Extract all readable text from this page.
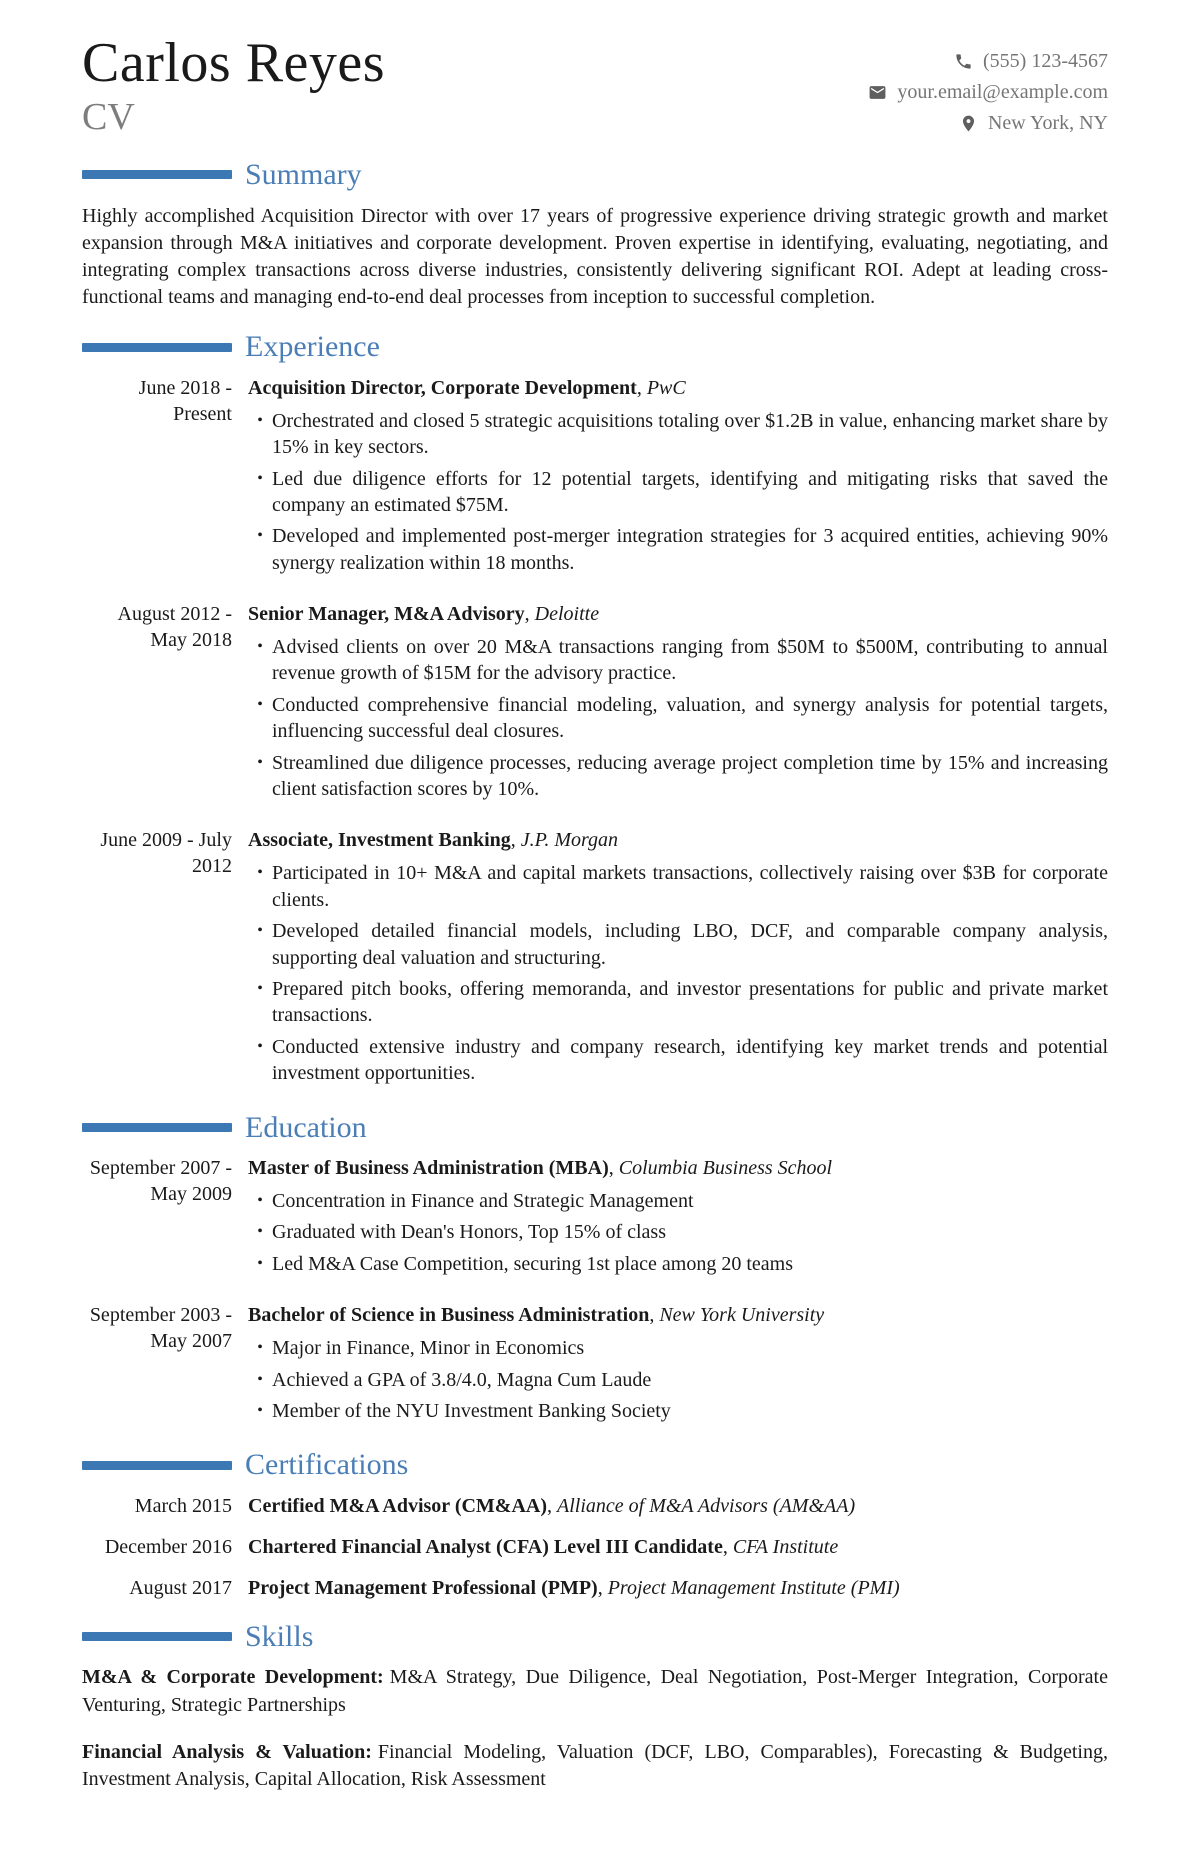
Carlos Reyes
CV
(555) 123-4567
your.email@example.com
New York, NY
Summary

Highly accomplished Acquisition Director with over 17 years of progressive experience driving strategic growth and market expansion through M&A initiatives and corporate development. Proven expertise in identifying, evaluating, negotiating, and integrating complex transactions across diverse industries, consistently delivering significant ROI. Adept at leading cross-functional teams and managing end-to-end deal processes from inception to successful completion.

Experience
June 2018 - Present
Acquisition Director, Corporate Development, PwC
• Orchestrated and closed 5 strategic acquisitions totaling over $1.2B in value, enhancing market share by 15% in key sectors.
• Led due diligence efforts for 12 potential targets, identifying and mitigating risks that saved the company an estimated $75M.
• Developed and implemented post-merger integration strategies for 3 acquired entities, achieving 90% synergy realization within 18 months.
August 2012 - May 2018
Senior Manager, M&A Advisory, Deloitte
• Advised clients on over 20 M&A transactions ranging from $50M to $500M, contributing to annual revenue growth of $15M for the advisory practice.
• Conducted comprehensive financial modeling, valuation, and synergy analysis for potential targets, influencing successful deal closures.
• Streamlined due diligence processes, reducing average project completion time by 15% and increasing client satisfaction scores by 10%.
June 2009 - July 2012
Associate, Investment Banking, J.P. Morgan
• Participated in 10+ M&A and capital markets transactions, collectively raising over $3B for corporate clients.
• Developed detailed financial models, including LBO, DCF, and comparable company analysis, supporting deal valuation and structuring.
• Prepared pitch books, offering memoranda, and investor presentations for public and private market transactions.
• Conducted extensive industry and company research, identifying key market trends and potential investment opportunities.
Education
September 2007 - May 2009
Master of Business Administration (MBA), Columbia Business School
• Concentration in Finance and Strategic Management
• Graduated with Dean's Honors, Top 15% of class
• Led M&A Case Competition, securing 1st place among 20 teams
September 2003 - May 2007
Bachelor of Science in Business Administration, New York University
• Major in Finance, Minor in Economics
• Achieved a GPA of 3.8/4.0, Magna Cum Laude
• Member of the NYU Investment Banking Society
Certifications
March 2015 Certified M&A Advisor (CM&AA), Alliance of M&A Advisors (AM&AA)
December 2016 Chartered Financial Analyst (CFA) Level III Candidate, CFA Institute
August 2017 Project Management Professional (PMP), Project Management Institute (PMI)
Skills

M&A & Corporate Development: M&A Strategy, Due Diligence, Deal Negotiation, Post-Merger Integration, Corporate Venturing, Strategic Partnerships

Financial Analysis & Valuation: Financial Modeling, Valuation (DCF, LBO, Comparables), Forecasting & Budgeting, Investment Analysis, Capital Allocation, Risk Assessment
